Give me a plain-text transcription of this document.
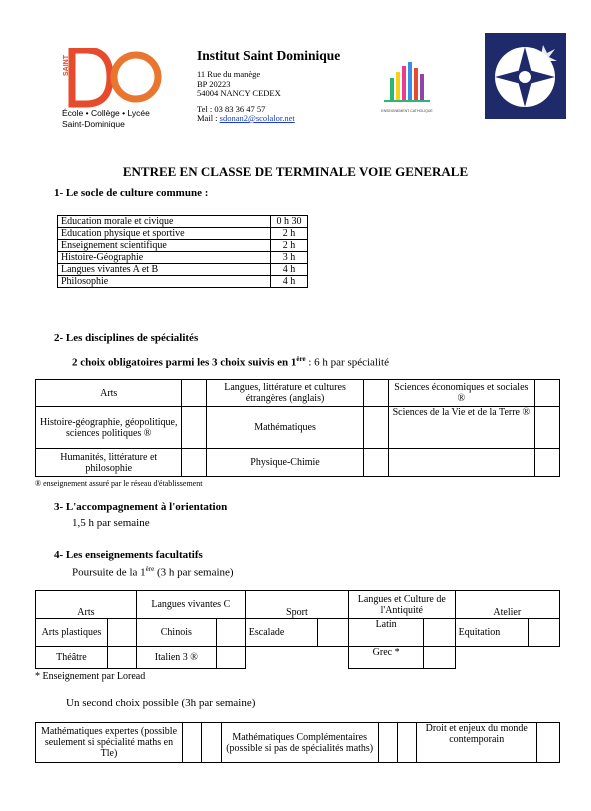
SAINT
École • Collège • Lycée
Saint-Dominique
Institut Saint Dominique
11 Rue du manège
BP 20223
54004 NANCY CEDEX
Tel : 03 83 36 47 57
Mail : sdonan2@scolalor.net
ENSEIGNEMENT CATHOLIQUE
ENTREE EN CLASSE DE TERMINALE VOIE GENERALE
1- Le socle de culture commune :
Education morale et civique	0 h 30
Education physique et sportive	2 h
Enseignement scientifique	2 h
Histoire-Géographie	3 h
Langues vivantes A et B	4 h
Philosophie	4 h
2- Les disciplines de spécialités
2 choix obligatoires parmi les 3 choix suivis en 1ère : 6 h par spécialité
Arts		Langues, littérature et cultures étrangères (anglais)		Sciences économiques et sociales ®	
Histoire-géographie, géopolitique, sciences politiques ®		Mathématiques		Sciences de la Vie et de la Terre ®	
Humanités, littérature et philosophie		Physique-Chimie			
® enseignement assuré par le réseau d'établissement
3- L'accompagnement à l'orientation
1,5 h par semaine
4- Les enseignements facultatifs
Poursuite de la 1ère (3 h par semaine)
Arts		Langues vivantes C		Sport		Langues et Culture de l'Antiquité		Atelier	
Arts plastiques		Chinois		Escalade		Latin		Equitation	
Théâtre		Italien 3 ®				Grec *			
* Enseignement par Loread
Un second choix possible (3h par semaine)
Mathématiques expertes (possible seulement si spécialité maths en Tle)			Mathématiques Complémentaires (possible si pas de spécialités maths)			Droit et enjeux du monde contemporain	
